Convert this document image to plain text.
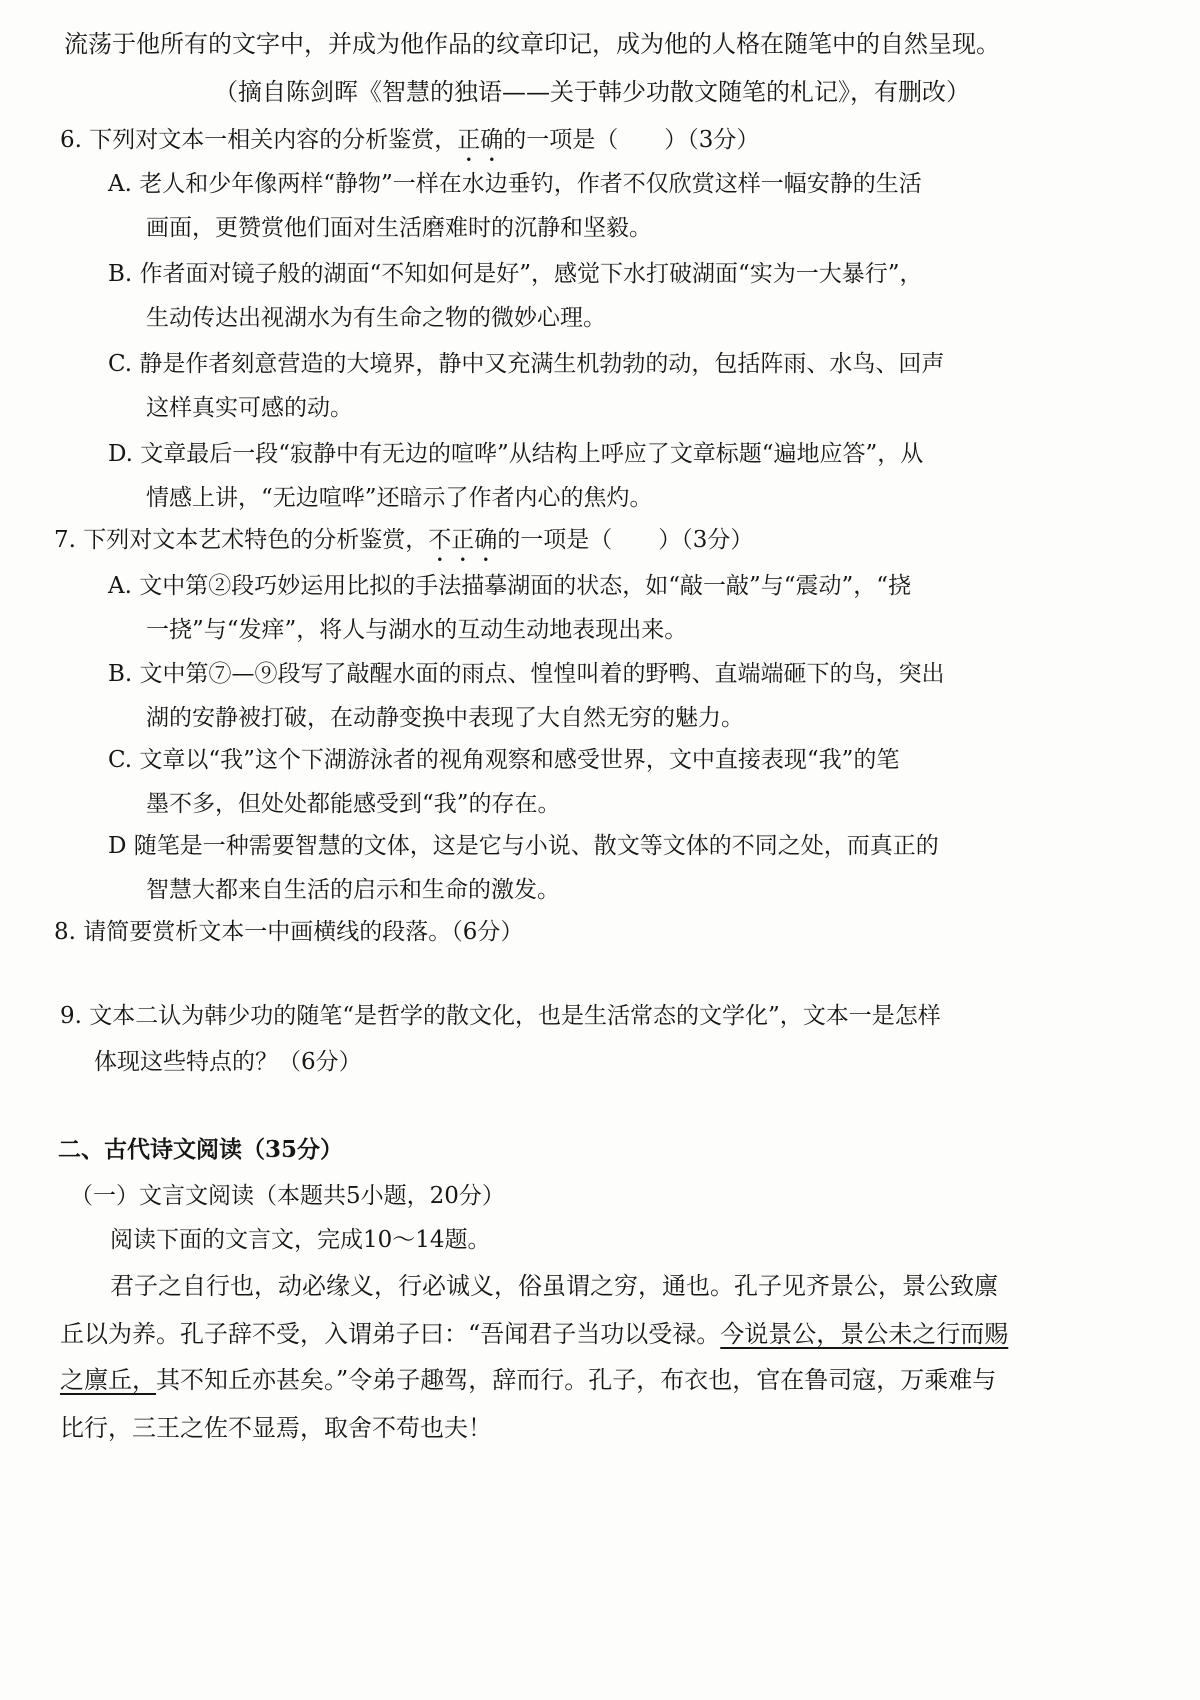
流荡于他所有的文字中，并成为他作品的纹章印记，成为他的人格在随笔中的自然呈现。
（摘自陈剑晖《智慧的独语——关于韩少功散文随笔的札记》，有删改）
6. 下列对文本一相关内容的分析鉴赏，正确的一项是（　　）（3分）
A. 老人和少年像两样“静物”一样在水边垂钓，作者不仅欣赏这样一幅安静的生活
画面，更赞赏他们面对生活磨难时的沉静和坚毅。
B. 作者面对镜子般的湖面“不知如何是好”，感觉下水打破湖面“实为一大暴行”，
生动传达出视湖水为有生命之物的微妙心理。
C. 静是作者刻意营造的大境界，静中又充满生机勃勃的动，包括阵雨、水鸟、回声
这样真实可感的动。
D. 文章最后一段“寂静中有无边的喧哗”从结构上呼应了文章标题“遍地应答”，从
情感上讲，“无边喧哗”还暗示了作者内心的焦灼。
7. 下列对文本艺术特色的分析鉴赏，不正确的一项是（　　）（3分）
A. 文中第②段巧妙运用比拟的手法描摹湖面的状态，如“敲一敲”与“震动”，“挠
一挠”与“发痒”，将人与湖水的互动生动地表现出来。
B. 文中第⑦—⑨段写了敲醒水面的雨点、惶惶叫着的野鸭、直端端砸下的鸟，突出
湖的安静被打破，在动静变换中表现了大自然无穷的魅力。
C. 文章以“我”这个下湖游泳者的视角观察和感受世界，文中直接表现“我”的笔
墨不多，但处处都能感受到“我”的存在。
D 随笔是一种需要智慧的文体，这是它与小说、散文等文体的不同之处，而真正的
智慧大都来自生活的启示和生命的激发。
8. 请简要赏析文本一中画横线的段落。（6分）
9. 文本二认为韩少功的随笔“是哲学的散文化，也是生活常态的文学化”，文本一是怎样
体现这些特点的？（6分）
二、古代诗文阅读（35分）
（一）文言文阅读（本题共5小题，20分）
阅读下面的文言文，完成10～14题。
君子之自行也，动必缘义，行必诚义，俗虽谓之穷，通也。孔子见齐景公，景公致廪
丘以为养。孔子辞不受，入谓弟子曰：“吾闻君子当功以受禄。今说景公，景公未之行而赐
之廪丘，其不知丘亦甚矣。”令弟子趣驾，辞而行。孔子，布衣也，官在鲁司寇，万乘难与
比行，三王之佐不显焉，取舍不苟也夫！
